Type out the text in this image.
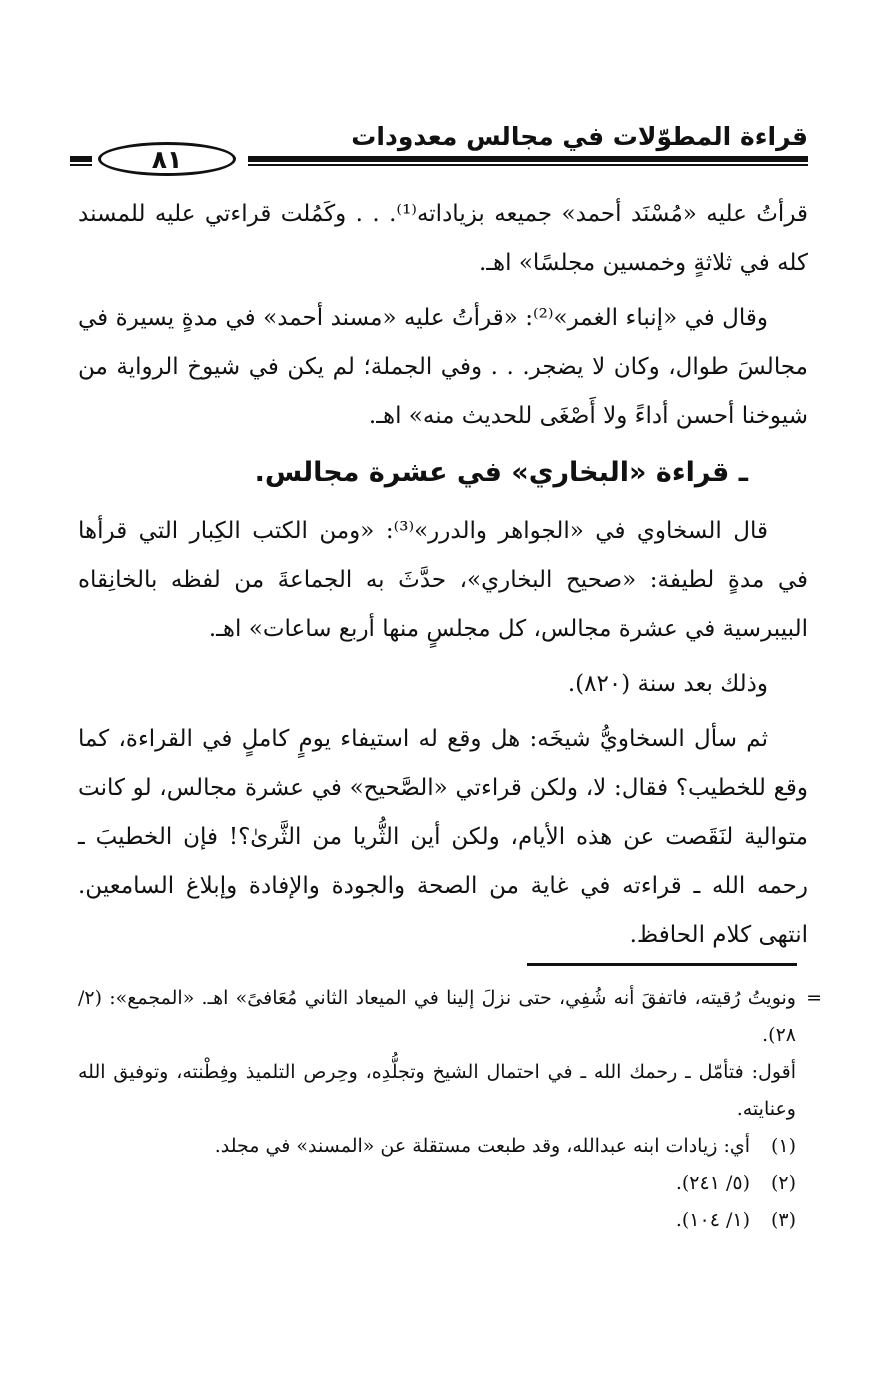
قراءة المطوّلات في مجالس معدودات
٨١

قرأتُ عليه «مُسْنَد أحمد» جميعه بزياداته⁽¹⁾. . . وكَمُلت قراءتي عليه للمسند كله في ثلاثةٍ وخمسين مجلسًا» اهـ.

وقال في «إنباء الغمر»⁽²⁾: «قرأتُ عليه «مسند أحمد» في مدةٍ يسيرة في مجالسَ طوال، وكان لا يضجر. . . وفي الجملة؛ لم يكن في شيوخ الرواية من شيوخنا أحسن أداءً ولا أَصْغَى للحديث منه» اهـ.

ـ قراءة «البخاري» في عشرة مجالس.

قال السخاوي في «الجواهر والدرر»⁽³⁾: «ومن الكتب الكِبار التي قرأها في مدةٍ لطيفة: «صحيح البخاري»، حدَّثَ به الجماعةَ من لفظه بالخانِقاه البيبرسية في عشرة مجالس، كل مجلسٍ منها أربع ساعات» اهـ.

وذلك بعد سنة (٨٢٠).

ثم سأل السخاويُّ شيخَه: هل وقع له استيفاء يومٍ كاملٍ في القراءة، كما وقع للخطيب؟ فقال: لا، ولكن قراءتي «الصَّحيح» في عشرة مجالس، لو كانت متوالية لنَقَصت عن هذه الأيام، ولكن أين الثُّريا من الثَّرىٰ؟! فإن الخطيبَ ـ رحمه الله ـ قراءته في غاية من الصحة والجودة والإفادة وإبلاغ السامعين. انتهى كلام الحافظ.

=
ونويتُ رُقيته، فاتفقَ أنه شُفِي، حتى نزلَ إلينا في الميعاد الثاني مُعَافىً» اهـ. «المجمع»: (٢/ ٢٨).

أقول: فتأمّل ـ رحمك الله ـ في احتمال الشيخ وتجلُّدِه، وحِرص التلميذ وفِطْنته، وتوفيق الله وعنايته.

(١)
أي: زيادات ابنه عبدالله، وقد طبعت مستقلة عن «المسند» في مجلد.
(٢)
(٥/ ٢٤١).
(٣)
(١/ ١٠٤).
